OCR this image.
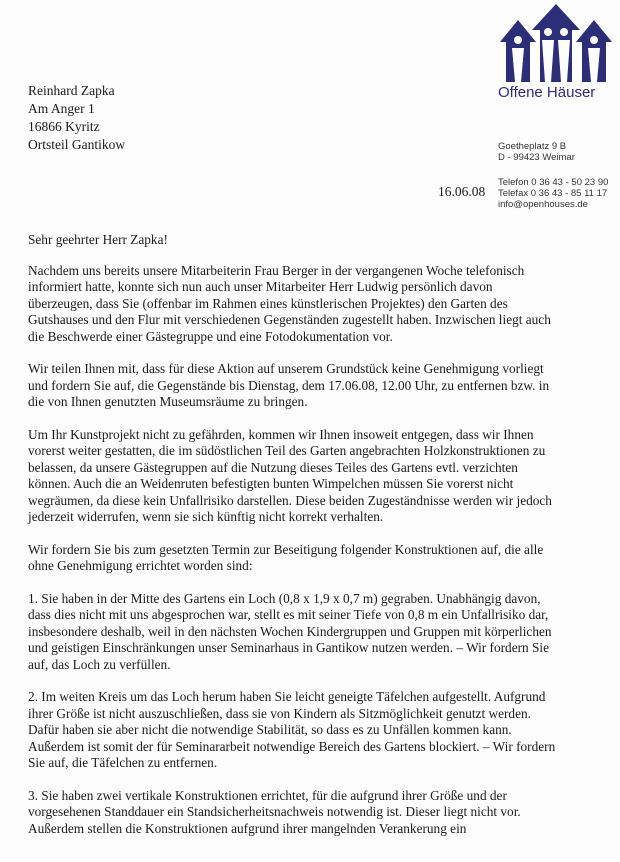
Offene Häuser
Reinhard Zapka
Am Anger 1
16866 Kyritz
Ortsteil Gantikow	Goetheplatz 9 B
D - 99423 Weimar
Telefon 0 36 43 - 50 23 90
Telefax 0 36 43 - 85 11 17
info@openhouses.de
16.06.08

Sehr geehrter Herr Zapka!

Nachdem uns bereits unsere Mitarbeiterin Frau Berger in der vergangenen Woche telefonisch informiert hatte, konnte sich nun auch unser Mitarbeiter Herr Ludwig persönlich davon überzeugen, dass Sie (offenbar im Rahmen eines künstlerischen Projektes) den Garten des Gutshauses und den Flur mit verschiedenen Gegenständen zugestellt haben. Inzwischen liegt auch die Beschwerde einer Gästegruppe und eine Fotodokumentation vor.

Wir teilen Ihnen mit, dass für diese Aktion auf unserem Grundstück keine Genehmigung vorliegt und fordern Sie auf, die Gegenstände bis Dienstag, dem 17.06.08, 12.00 Uhr, zu entfernen bzw. in die von Ihnen genutzten Museumsräume zu bringen.

Um Ihr Kunstprojekt nicht zu gefährden, kommen wir Ihnen insoweit entgegen, dass wir Ihnen vorerst weiter gestatten, die im südöstlichen Teil des Garten angebrachten Holzkonstruktionen zu belassen, da unsere Gästegruppen auf die Nutzung dieses Teiles des Gartens evtl. verzichten können. Auch die an Weidenruten befestigten bunten Wimpelchen müssen Sie vorerst nicht wegräumen, da diese kein Unfallrisiko darstellen. Diese beiden Zugeständnisse werden wir jedoch jederzeit widerrufen, wenn sie sich künftig nicht korrekt verhalten.

Wir fordern Sie bis zum gesetzten Termin zur Beseitigung folgender Konstruktionen auf, die alle ohne Genehmigung errichtet worden sind:

1. Sie haben in der Mitte des Gartens ein Loch (0,8 x 1,9 x 0,7 m) gegraben. Unabhängig davon, dass dies nicht mit uns abgesprochen war, stellt es mit seiner Tiefe von 0,8 m ein Unfallrisiko dar, insbesondere deshalb, weil in den nächsten Wochen Kindergruppen und Gruppen mit körperlichen und geistigen Einschränkungen unser Seminarhaus in Gantikow nutzen werden. – Wir fordern Sie auf, das Loch zu verfüllen.

2. Im weiten Kreis um das Loch herum haben Sie leicht geneigte Täfelchen aufgestellt. Aufgrund ihrer Größe ist nicht auszuschließen, dass sie von Kindern als Sitzmöglichkeit genutzt werden. Dafür haben sie aber nicht die notwendige Stabilität, so dass es zu Unfällen kommen kann. Außerdem ist somit der für Seminararbeit notwendige Bereich des Gartens blockiert. – Wir fordern Sie auf, die Täfelchen zu entfernen.

3. Sie haben zwei vertikale Konstruktionen errichtet, für die aufgrund ihrer Größe und der vorgesehenen Standdauer ein Standsicherheitsnachweis notwendig ist. Dieser liegt nicht vor. Außerdem stellen die Konstruktionen aufgrund ihrer mangelnden Verankerung ein
